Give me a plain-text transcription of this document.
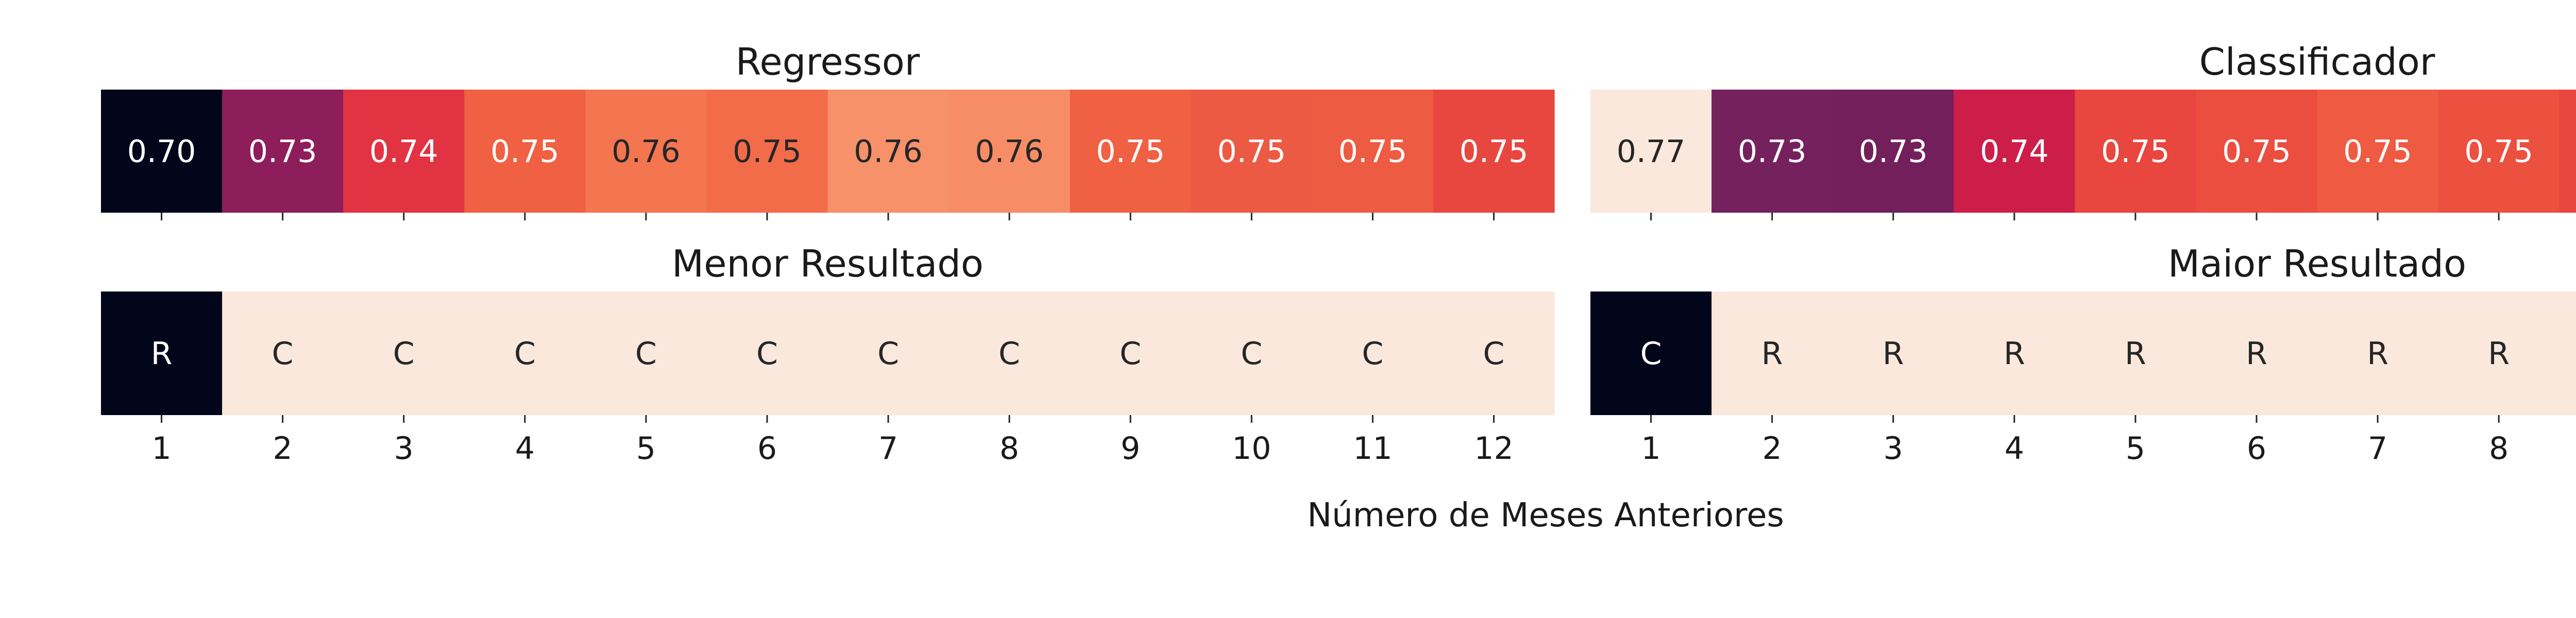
Regressor
0.70 0.73 0.74 0.75 0.76 0.75 0.76 0.76 0.75 0.75 0.75 0.75
Classificador
0.77 0.73 0.73 0.74 0.75 0.75 0.75 0.75
Menor Resultado
R
1
C
2
C
3
C
4
C
5
C
6
C
7
C
8
C
9
C
10
C
11
C
12
Maior Resultado
C
1
R
2
R
3
R
4
R
5
R
6
R
7
R
8
Número de Meses Anteriores
